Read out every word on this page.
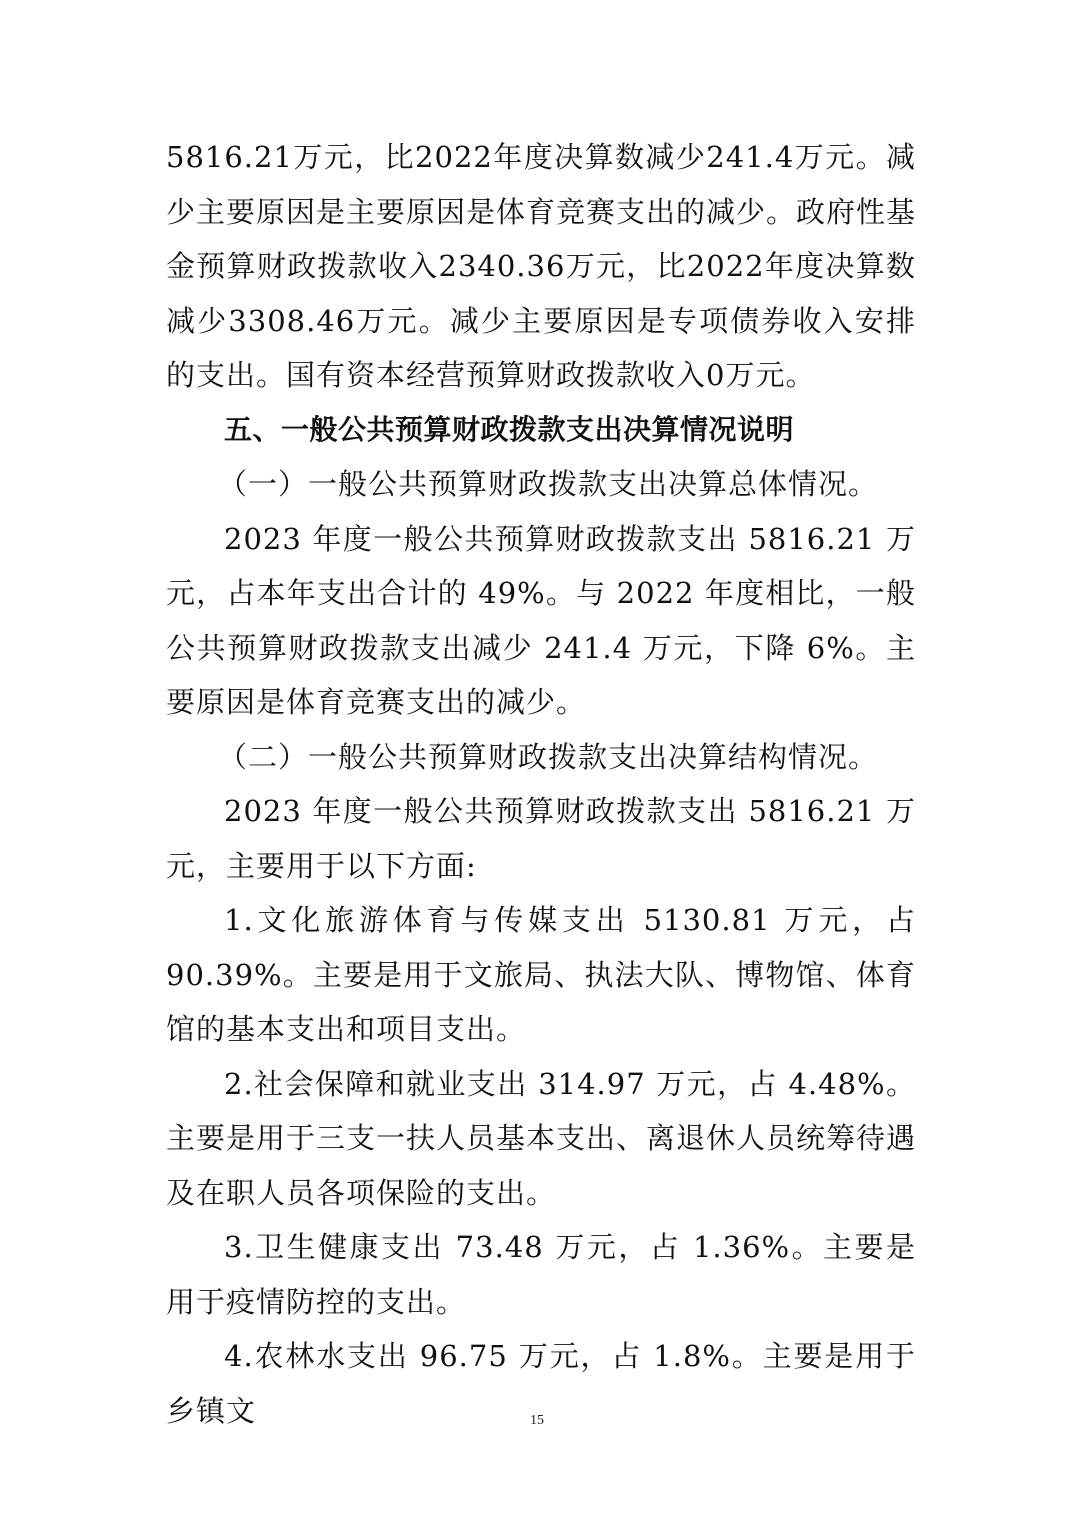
5816.21万元，比2022年度决算数减少241.4万元。减少主要原因是主要原因是体育竞赛支出的减少。政府性基金预算财政拨款收入2340.36万元，比2022年度决算数减少3308.46万元。减少主要原因是专项债券收入安排的支出。国有资本经营预算财政拨款收入0万元。

五、一般公共预算财政拨款支出决算情况说明

（一）一般公共预算财政拨款支出决算总体情况。

2023 年度一般公共预算财政拨款支出 5816.21 万元，占本年支出合计的 49%。与 2022 年度相比，一般公共预算财政拨款支出减少 241.4 万元，下降 6%。主要原因是体育竞赛支出的减少。

（二）一般公共预算财政拨款支出决算结构情况。

2023 年度一般公共预算财政拨款支出 5816.21 万元，主要用于以下方面:

1.文化旅游体育与传媒支出 5130.81 万元，占 90.39%。主要是用于文旅局、执法大队、博物馆、体育馆的基本支出和项目支出。

2.社会保障和就业支出 314.97 万元，占 4.48%。主要是用于三支一扶人员基本支出、离退休人员统筹待遇及在职人员各项保险的支出。

3.卫生健康支出 73.48 万元，占 1.36%。主要是用于疫情防控的支出。

4.农林水支出 96.75 万元，占 1.8%。主要是用于乡镇文	15
